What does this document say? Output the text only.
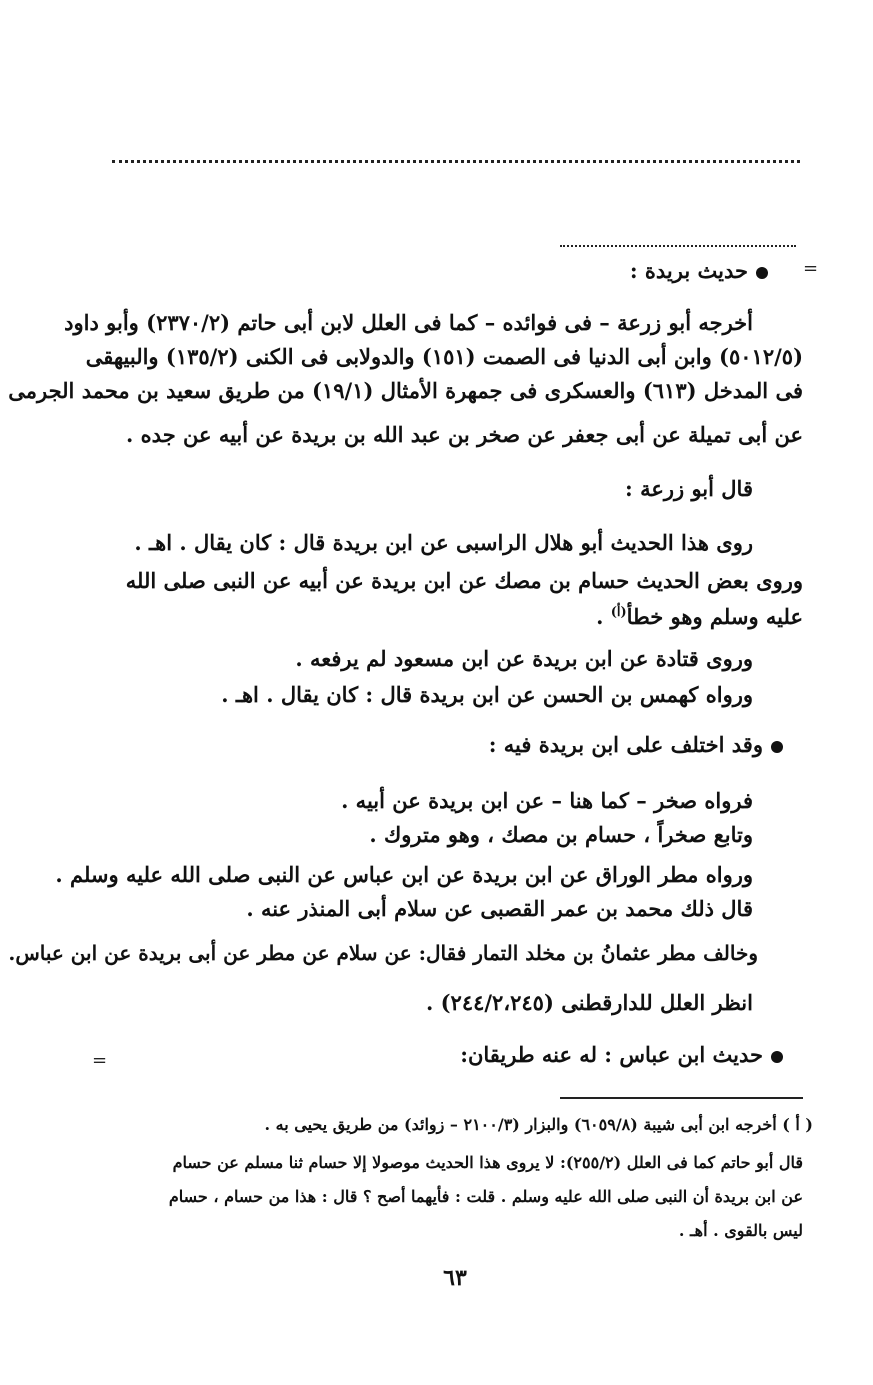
=
حديث بريدة :
أخرجه أبو زرعة – فى فوائده – كما فى العلل لابن أبى حاتم (٢٣٧٠/٢) وأبو داود
(٥٠١٢/٥) وابن أبى الدنيا فى الصمت (١٥١) والدولابى فى الكنى (١٣٥/٢) والبيهقى
فى المدخل (٦١٣) والعسكرى فى جمهرة الأمثال (١٩/١) من طريق سعيد بن محمد الجرمى
عن أبى تميلة عن أبى جعفر عن صخر بن عبد الله بن بريدة عن أبيه عن جده .
قال أبو زرعة :
روى هذا الحديث أبو هلال الراسبى عن ابن بريدة قال : كان يقال . اهـ .
وروى بعض الحديث حسام بن مصك عن ابن بريدة عن أبيه عن النبى صلى الله
عليه وسلم وهو خطأ$^{(أ)}$ .
وروى قتادة عن ابن بريدة عن ابن مسعود لم يرفعه .
ورواه كهمس بن الحسن عن ابن بريدة قال : كان يقال . اهـ .
وقد اختلف على ابن بريدة فيه :
فرواه صخر – كما هنا – عن ابن بريدة عن أبيه .
وتابع صخراً ، حسام بن مصك ، وهو متروك .
ورواه مطر الوراق عن ابن بريدة عن ابن عباس عن النبى صلى الله عليه وسلم .
قال ذلك محمد بن عمر القصبى عن سلام أبى المنذر عنه .
وخالف مطر عثمانُ بن مخلد التمار فقال: عن سلام عن مطر عن أبى بريدة عن ابن عباس.
انظر العلل للدارقطنى (٢٤٤/٢،٢٤٥) .
=	حديث ابن عباس : له عنه طريقان:
( أ ) أخرجه ابن أبى شيبة (٦٠٥٩/٨) والبزار (٢١٠٠/٣ – زوائد) من طريق يحيى به .
قال أبو حاتم كما فى العلل (٢٥٥/٢): لا يروى هذا الحديث موصولا إلا حسام ثنا مسلم عن حسام
عن ابن بريدة أن النبى صلى الله عليه وسلم . قلت : فأيهما أصح ؟ قال : هذا من حسام ، حسام
ليس بالقوى . أهـ .
٦٣
